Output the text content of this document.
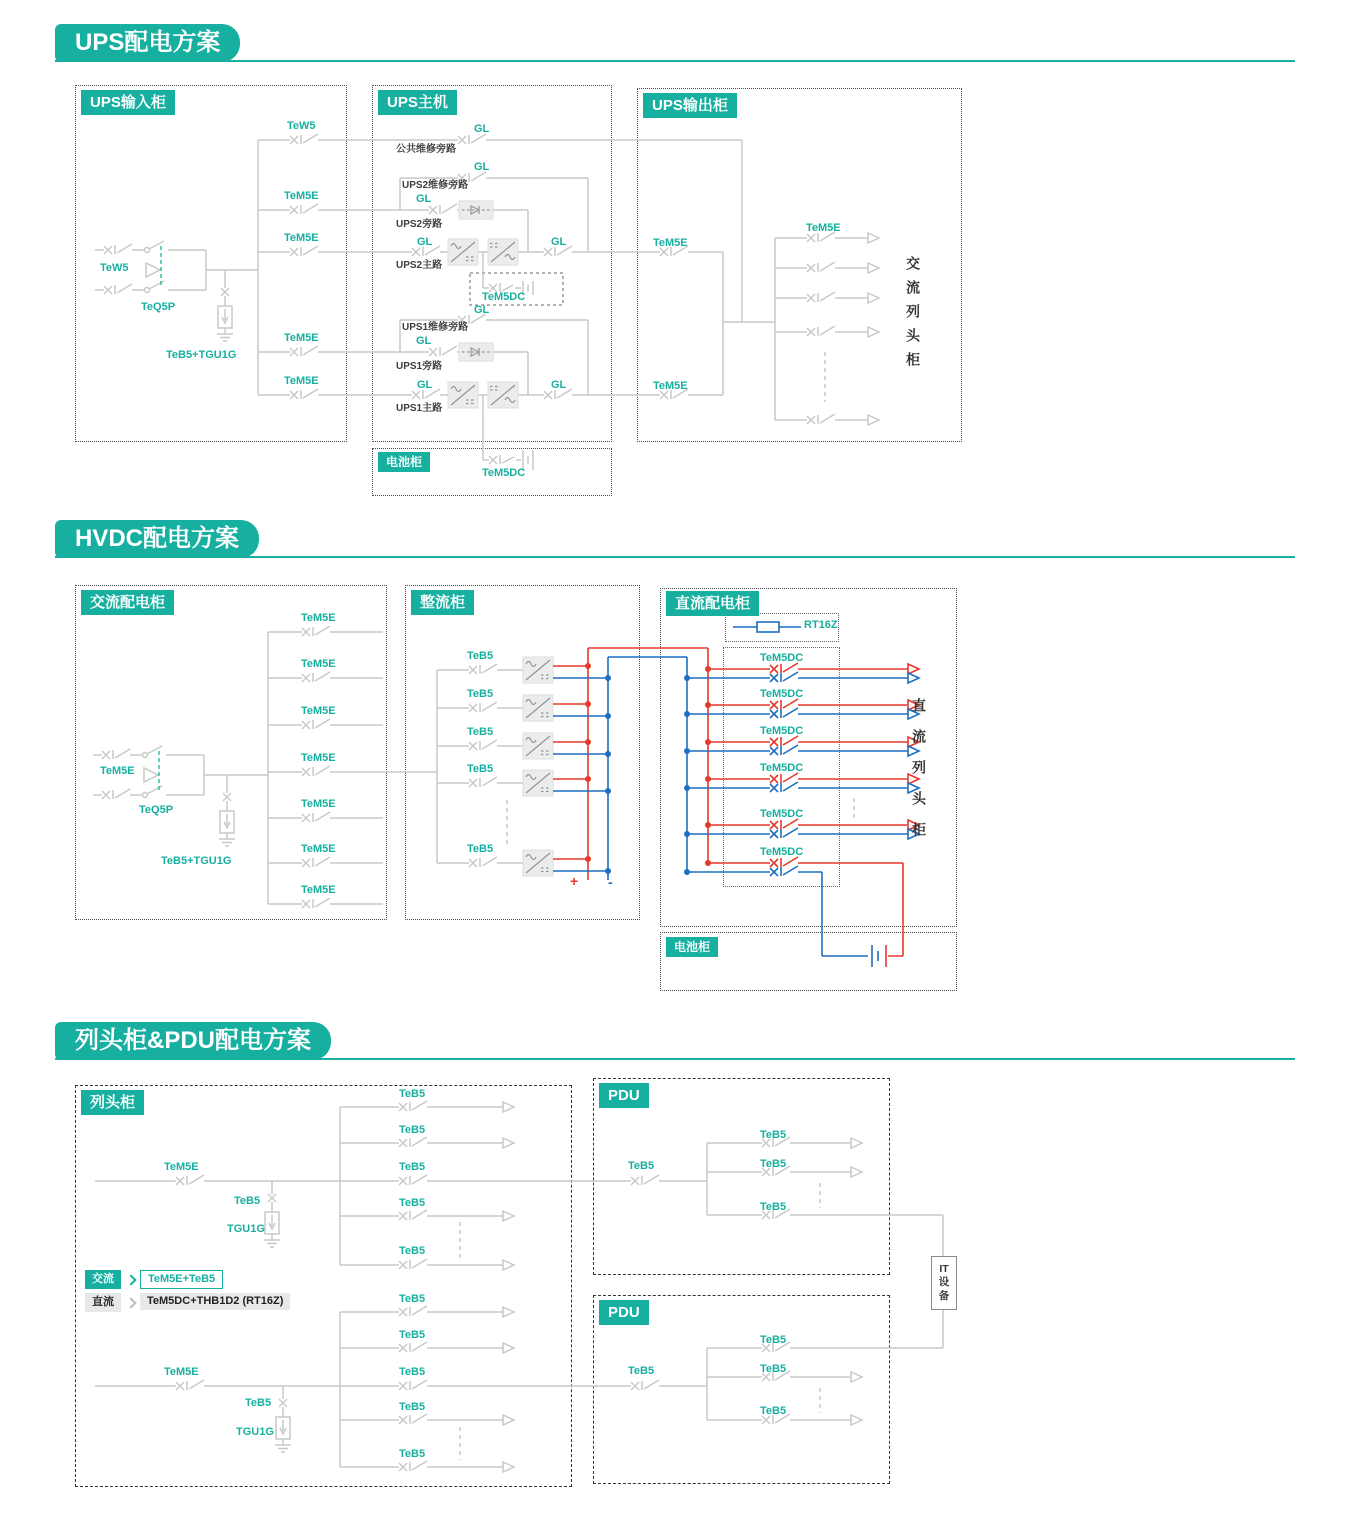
UPS配电方案
HVDC配电方案
列头柜&PDU配电方案
UPS输入柜	UPS主机	UPS输出柜
电池柜
交流配电柜	整流柜	直流配电柜
电池柜
列头柜	PDU
PDU
TeW5
TeQ5P
TeB5+TGU1G
TeW5
TeM5E
TeM5E
TeM5E
TeM5E
GL
公共维修旁路
GL
UPS2维修旁路
GL
UPS2旁路
GL
UPS2主路
GL
TeM5DC
GL
UPS1维修旁路
GL
UPS1旁路
GL
UPS1主路
GL
TeM5E
TeM5E
TeM5E
TeM5DC
交流列头柜
TeM5E
TeQ5P
TeB5+TGU1G
TeM5E
TeM5E
TeM5E
TeM5E
TeM5E
TeM5E
TeM5E
TeB5
TeB5
TeB5
TeB5
TeB5
+ -
RT16Z
TeM5DC
TeM5DC
TeM5DC
TeM5DC
TeM5DC
TeM5DC	直流列头柜
TeM5E
TeB5
TGU1G
TeB5
TeB5
TeB5
TeB5
TeB5
TeB5
TeB5
TeB5
TeB5
TeM5E
TeB5
TGU1G
TeB5
TeB5
TeB5
TeB5
TeB5
TeB5
TeB5
TeB5
TeB5
交流	TeM5E+TeB5
直流	TeM5DC+THB1D2 (RT16Z)
IT设备
